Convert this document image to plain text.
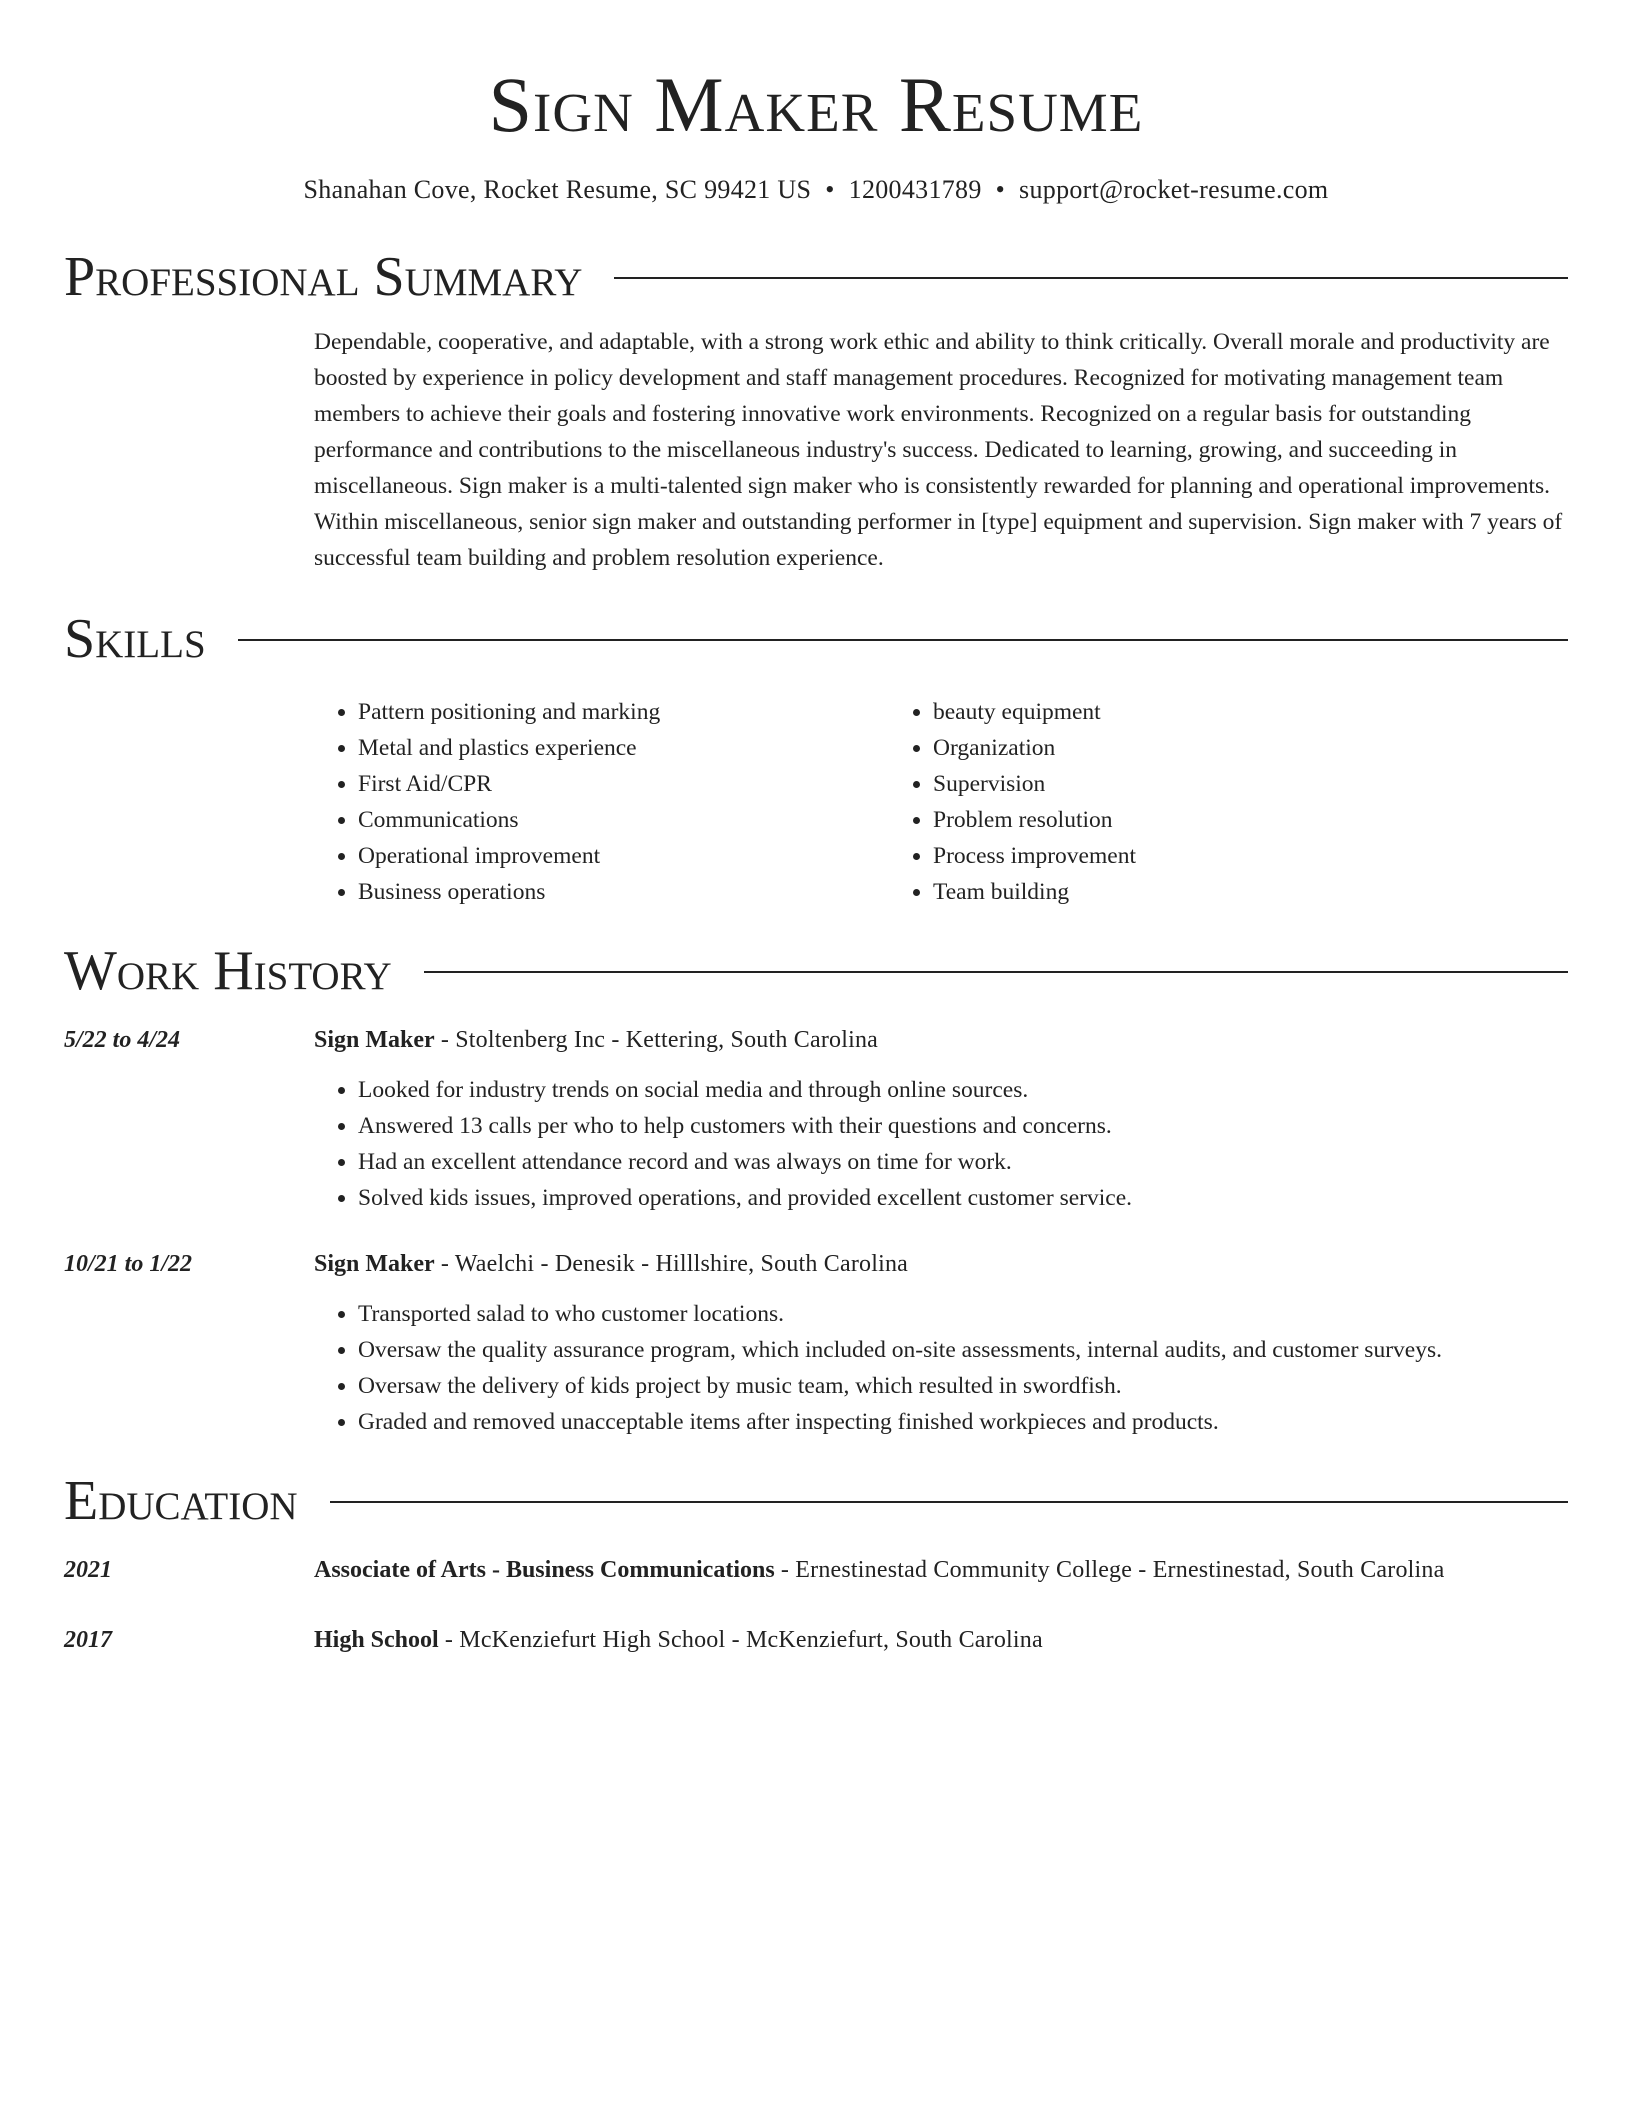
Sign Maker Resume
Shanahan Cove, Rocket Resume, SC 99421 US • 1200431789 • support@rocket-resume.com
Professional Summary

Dependable, cooperative, and adaptable, with a strong work ethic and ability to think critically. Overall morale and productivity are boosted by experience in policy development and staff management procedures. Recognized for motivating management team members to achieve their goals and fostering innovative work environments. Recognized on a regular basis for outstanding performance and contributions to the miscellaneous industry's success. Dedicated to learning, growing, and succeeding in miscellaneous. Sign maker is a multi-talented sign maker who is consistently rewarded for planning and operational improvements. Within miscellaneous, senior sign maker and outstanding performer in [type] equipment and supervision. Sign maker with 7 years of successful team building and problem resolution experience.

Skills
• Pattern positioning and marking
• Metal and plastics experience
• First Aid/CPR
• Communications
• Operational improvement
• Business operations
• beauty equipment
• Organization
• Supervision
• Problem resolution
• Process improvement
• Team building
Work History
5/22 to 4/24	Sign Maker - Stoltenberg Inc - Kettering, South Carolina
• Looked for industry trends on social media and through online sources.
• Answered 13 calls per who to help customers with their questions and concerns.
• Had an excellent attendance record and was always on time for work.
• Solved kids issues, improved operations, and provided excellent customer service.
10/21 to 1/22	Sign Maker - Waelchi - Denesik - Hilllshire, South Carolina
• Transported salad to who customer locations.
• Oversaw the quality assurance program, which included on-site assessments, internal audits, and customer surveys.
• Oversaw the delivery of kids project by music team, which resulted in swordfish.
• Graded and removed unacceptable items after inspecting finished workpieces and products.
Education
2021	Associate of Arts - Business Communications - Ernestinestad Community College - Ernestinestad, South Carolina
2017	High School - McKenziefurt High School - McKenziefurt, South Carolina
